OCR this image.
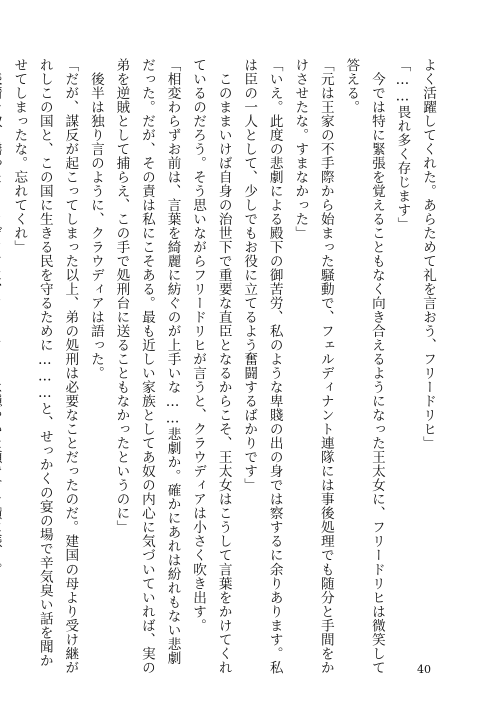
よく活躍してくれた。あらためて礼を言おう、フリードリヒ」
「……畏れ多く存じます」
　今では特に緊張を覚えることもなく向き合えるようになった王太女に、フリードリヒは微笑して
答える。
「元は王家の不手際から始まった騒動で、フェルディナント連隊には事後処理でも随分と手間をか
けさせたな。すまなかった」
「いえ。此度の悲劇による殿下の御苦労、私のような卑賤の出の身では察するに余りあります。私
は臣の一人として、少しでもお役に立てるよう奮闘するばかりです」
　このままいけば自身の治世下で重要な直臣となるからこそ、王太女はこうして言葉をかけてくれ
ているのだろう。そう思いながらフリードリヒが言うと、クラウディアは小さく吹き出す。
「相変わらずお前は、言葉を綺麗に紡ぐのが上手いな……悲劇か。確かにあれは紛れもない悲劇
だった。だが、その責は私にこそある。最も近しい家族としてあ奴の内心に気づいていれば、実の
弟を逆賊として捕らえ、この手で処刑台に送ることもなかったというのに」
　後半は独り言のように、クラウディアは語った。
「だが、謀反が起こってしまった以上、弟の処刑は必要なことだったのだ。建国の母より受け継が
れしこの国と、この国に生きる民を守るために………と、せっかくの宴の場で辛気臭い話を聞か
せてしまったな。忘れてくれ」
40
